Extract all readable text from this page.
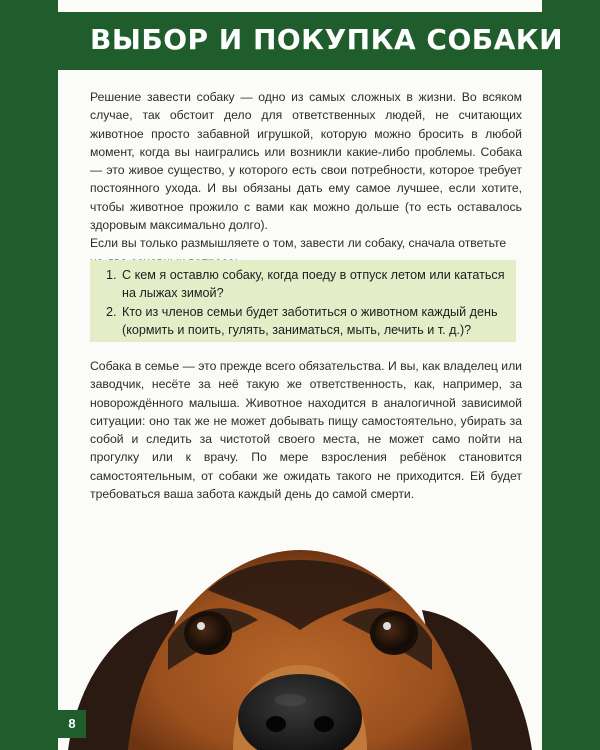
ВЫБОР И ПОКУПКА СОБАКИ

Решение завести собаку — одно из самых сложных в жизни. Во всяком случае, так обстоит дело для ответственных людей, не считающих животное просто забавной игрушкой, которую можно бросить в любой момент, когда вы наигрались или возникли какие-либо проблемы. Собака — это живое существо, у которого есть свои потребности, которое требует постоянного ухода. И вы обязаны дать ему самое лучшее, если хотите, чтобы животное прожило с вами как можно дольше (то есть оставалось здоровым максимально долго).

Если вы только размышляете о том, завести ли собаку, сначала ответьте

1. С кем я оставлю собаку, когда поеду в отпуск летом или кататься на лыжах зимой?
2. Кто из членов семьи будет заботиться о животном каждый день (кормить и поить, гулять, заниматься, мыть, лечить и т. д.)?

Собака в семье — это прежде всего обязательства. И вы, как владелец или заводчик, несёте за неё такую же ответственность, как, например, за новорождённого малыша. Животное находится в аналогичной зависимой ситуации: оно так же не может добывать пищу самостоятельно, убирать за собой и следить за чистотой своего места, не может само пойти на прогулку или к врачу. По мере взросления ребёнок становится самостоятельным, от собаки же ожидать такого не приходится. Ей будет требоваться ваша забота каждый день до самой смерти.

8
